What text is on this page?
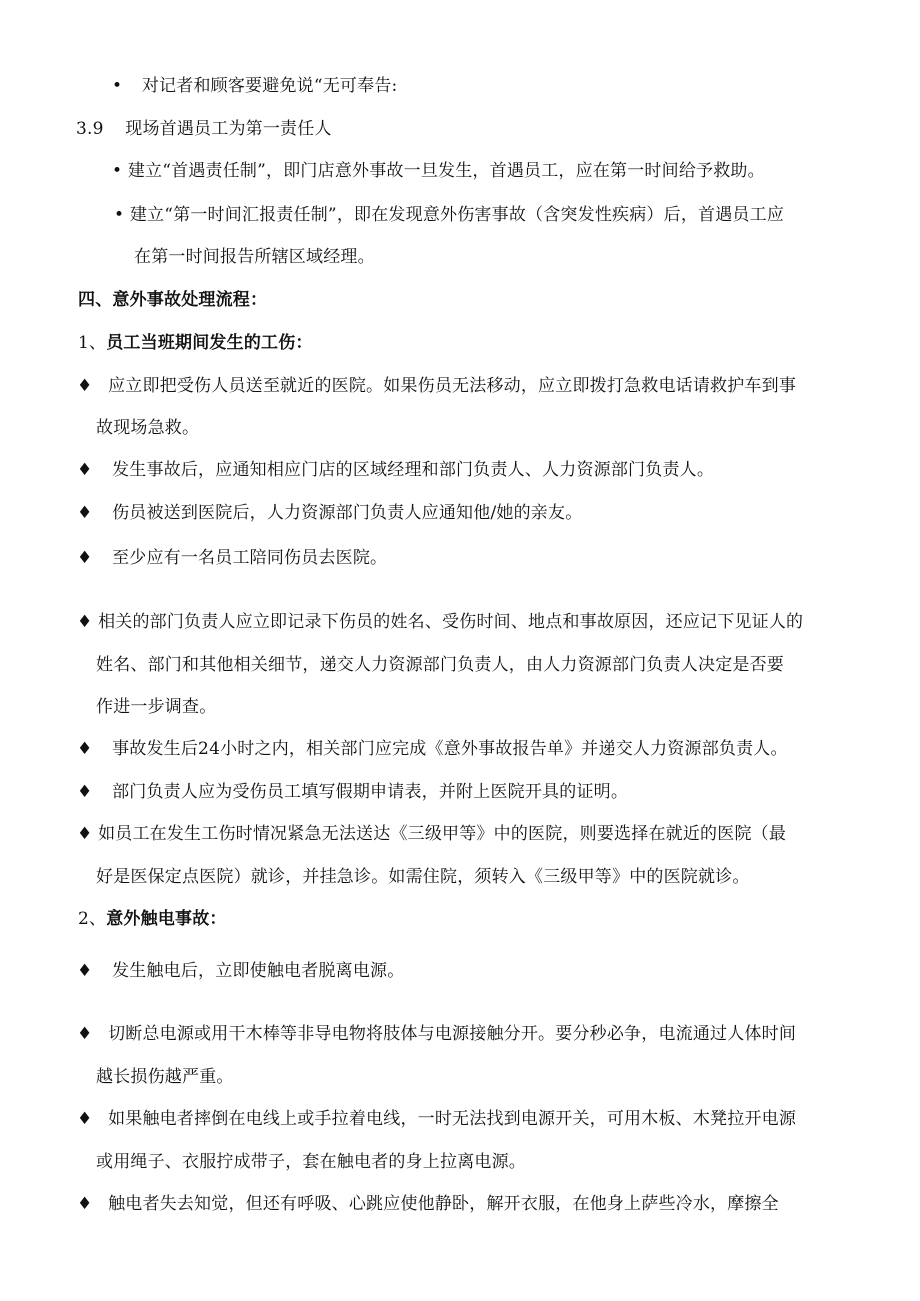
• 对记者和顾客要避免说“无可奉告:
3.9 现场首遇员工为第一责任人
• 建立“首遇责任制”，即门店意外事故一旦发生，首遇员工，应在第一时间给予救助。
• 建立“第一时间汇报责任制”，即在发现意外伤害事故（含突发性疾病）后，首遇员工应
在第一时间报告所辖区域经理。
四、意外事故处理流程：
1、员工当班期间发生的工伤：
♦ 应立即把受伤人员送至就近的医院。如果伤员无法移动，应立即拨打急救电话请救护车到事
故现场急救。
♦ 发生事故后，应通知相应门店的区域经理和部门负责人、人力资源部门负责人。
♦ 伤员被送到医院后，人力资源部门负责人应通知他/她的亲友。
♦ 至少应有一名员工陪同伤员去医院。
♦ 相关的部门负责人应立即记录下伤员的姓名、受伤时间、地点和事故原因，还应记下见证人的
姓名、部门和其他相关细节，递交人力资源部门负责人，由人力资源部门负责人决定是否要
作进一步调查。
♦ 事故发生后24小时之内，相关部门应完成《意外事故报告单》并递交人力资源部负责人。
♦ 部门负责人应为受伤员工填写假期申请表，并附上医院开具的证明。
♦ 如员工在发生工伤时情况紧急无法送达《三级甲等》中的医院，则要选择在就近的医院（最
好是医保定点医院）就诊，并挂急诊。如需住院，须转入《三级甲等》中的医院就诊。
2、意外触电事故：
♦ 发生触电后，立即使触电者脱离电源。
♦ 切断总电源或用干木棒等非导电物将肢体与电源接触分开。要分秒必争，电流通过人体时间
越长损伤越严重。
♦ 如果触电者摔倒在电线上或手拉着电线，一时无法找到电源开关，可用木板、木凳拉开电源
或用绳子、衣服拧成带子，套在触电者的身上拉离电源。
♦ 触电者失去知觉，但还有呼吸、心跳应使他静卧，解开衣服，在他身上萨些冷水，摩擦全
